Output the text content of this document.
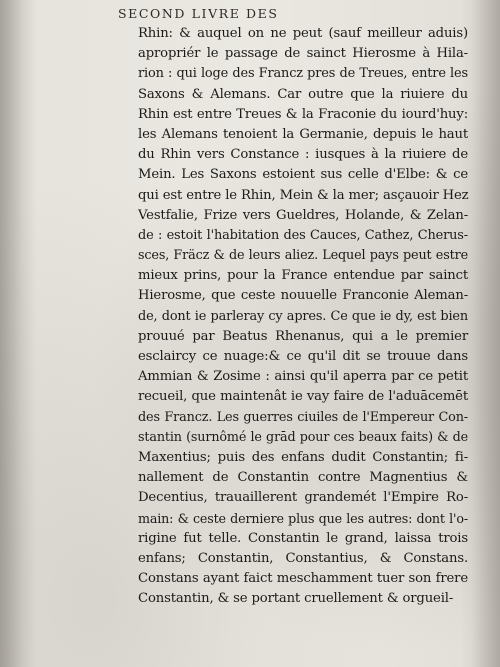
SECOND LIVRE DES
Rhin: & auquel on ne peut (sauf meilleur aduis)
apropriér le passage de sainct Hierosme à Hila-
rion : qui loge des Francz pres de Treues, entre les
Saxons & Alemans. Car outre que la riuiere du
Rhin est entre Treues & la Fraconie du iourd'huy:
les Alemans tenoient la Germanie, depuis le haut
du Rhin vers Constance : iusques à la riuiere de
Mein. Les Saxons estoient sus celle d'Elbe: & ce
qui est entre le Rhin, Mein & la mer; asçauoir Hez
Vestfalie, Frize vers Gueldres, Holande, & Zelan-
de : estoit l'habitation des Cauces, Cathez, Cherus-
sces, Fräcz & de leurs aliez. Lequel pays peut estre
mieux prins, pour la France entendue par sainct
Hierosme, que ceste nouuelle Franconie Aleman-
de, dont ie parleray cy apres. Ce que ie dy, est bien
prouué par Beatus Rhenanus, qui a le premier
esclaircy ce nuage:& ce qu'il dit se trouue dans
Ammian & Zosime : ainsi qu'il aperra par ce petit
recueil, que maintenât ie vay faire de l'aduācemēt
des Francz. Les guerres ciuiles de l'Empereur Con-
stantin (surnômé le grād pour ces beaux faits) & de
Maxentius; puis des enfans dudit Constantin; fi-
nallement de Constantin contre Magnentius &
Decentius, trauaillerent grandemét l'Empire Ro-
main: & ceste derniere plus que les autres: dont l'o-
rigine fut telle. Constantin le grand, laissa trois
enfans; Constantin, Constantius, & Constans.
Constans ayant faict meschamment tuer son frere
Constantin, & se portant cruellement & orgueil-
